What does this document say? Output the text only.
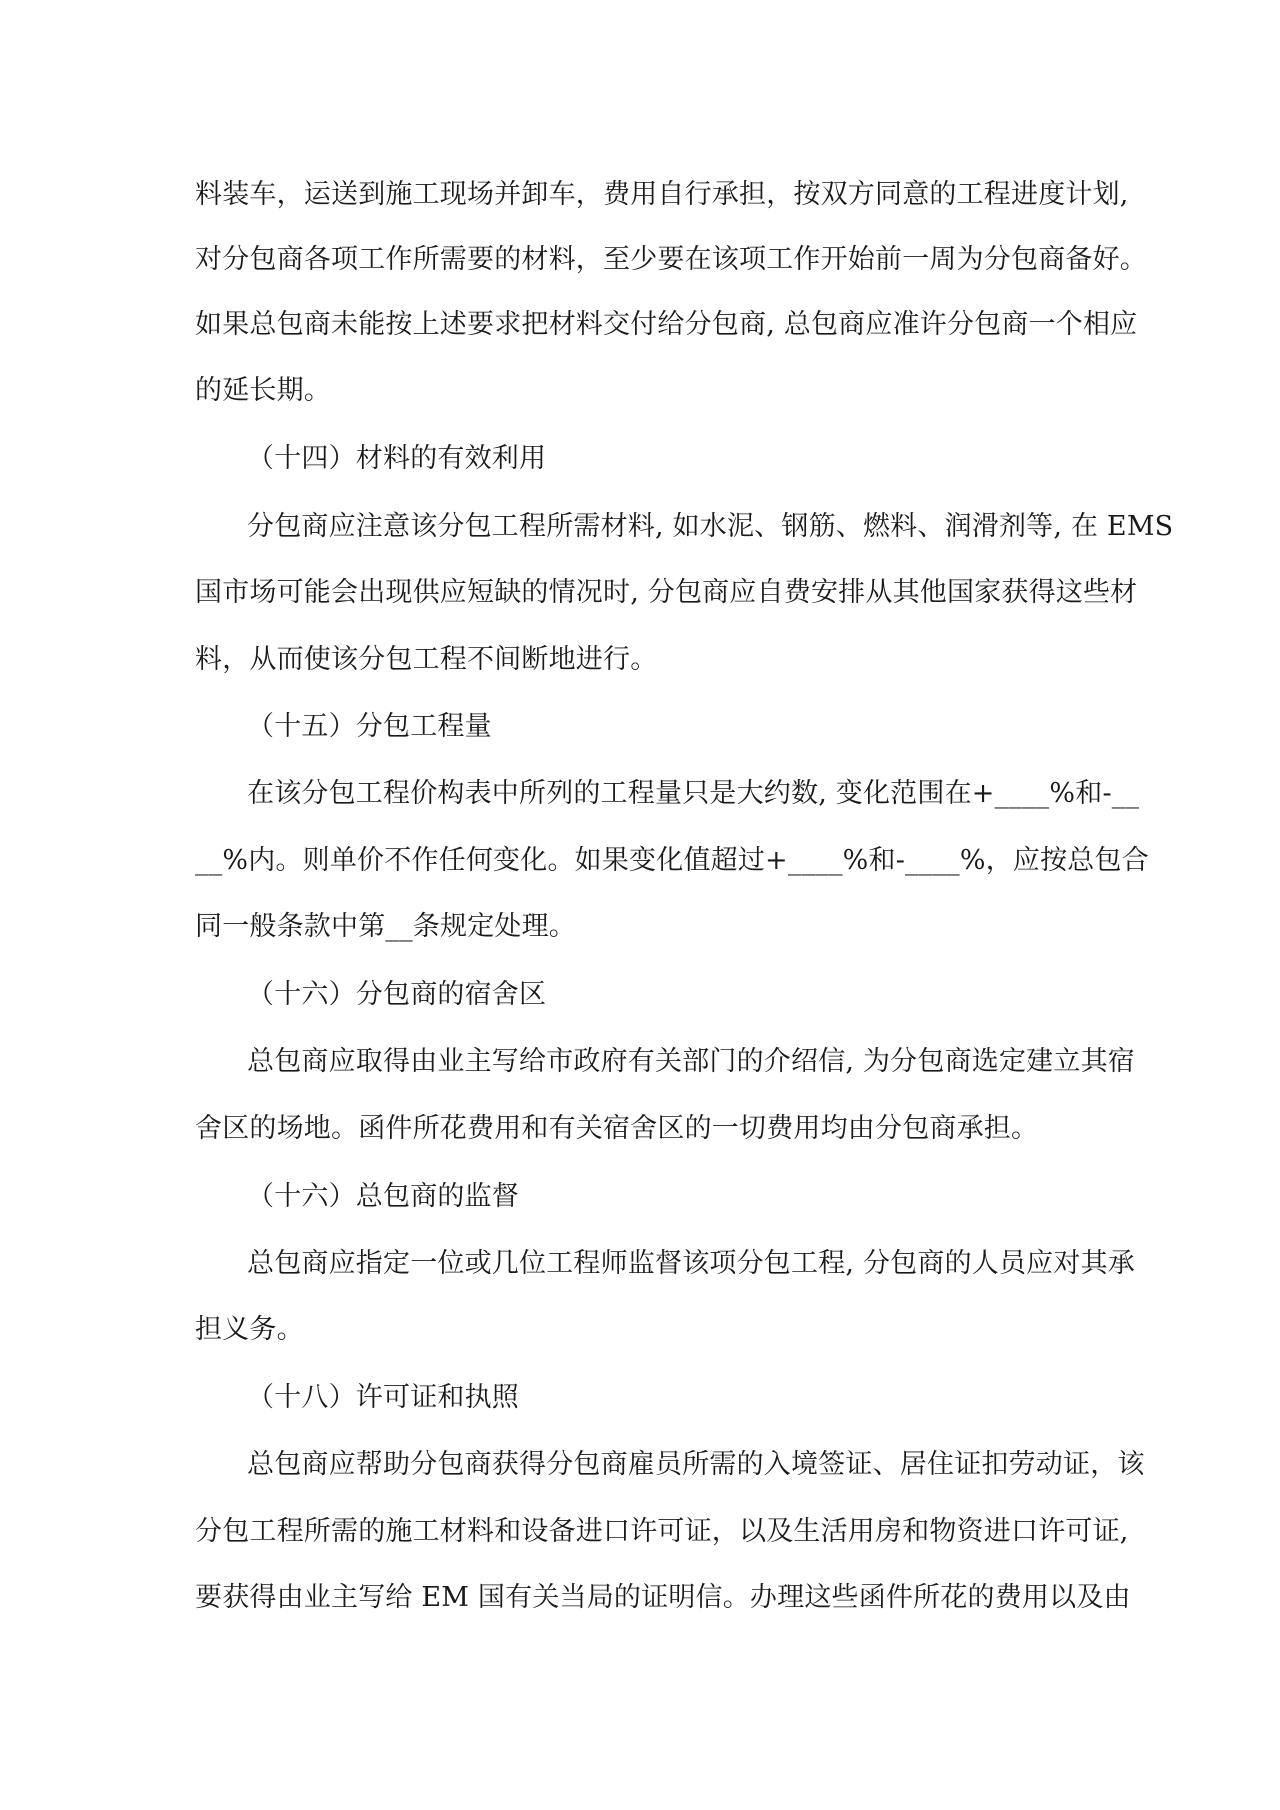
料装车，运送到施工现场并卸车，费用自行承担，按双方同意的工程进度计划,
对分包商各项工作所需要的材料，至少要在该项工作开始前一周为分包商备好。
如果总包商未能按上述要求把材料交付给分包商, 总包商应准许分包商一个相应
的延长期。
（十四）材料的有效利用
分包商应注意该分包工程所需材料, 如水泥、钢筋、燃料、润滑剂等, 在 EMS
国市场可能会出现供应短缺的情况时, 分包商应自费安排从其他国家获得这些材
料，从而使该分包工程不间断地进行。
（十五）分包工程量
在该分包工程价构表中所列的工程量只是大约数, 变化范围在+____%和-__
__%内。则单价不作任何变化。如果变化值超过+____%和-____%，应按总包合
同一般条款中第__条规定处理。
（十六）分包商的宿舍区
总包商应取得由业主写给市政府有关部门的介绍信, 为分包商选定建立其宿
舍区的场地。函件所花费用和有关宿舍区的一切费用均由分包商承担。
（十六）总包商的监督
总包商应指定一位或几位工程师监督该项分包工程, 分包商的人员应对其承
担义务。
（十八）许可证和执照
总包商应帮助分包商获得分包商雇员所需的入境签证、居住证扣劳动证，该
分包工程所需的施工材料和设备进口许可证，以及生活用房和物资进口许可证,
要获得由业主写给 EM 国有关当局的证明信。办理这些函件所花的费用以及由
